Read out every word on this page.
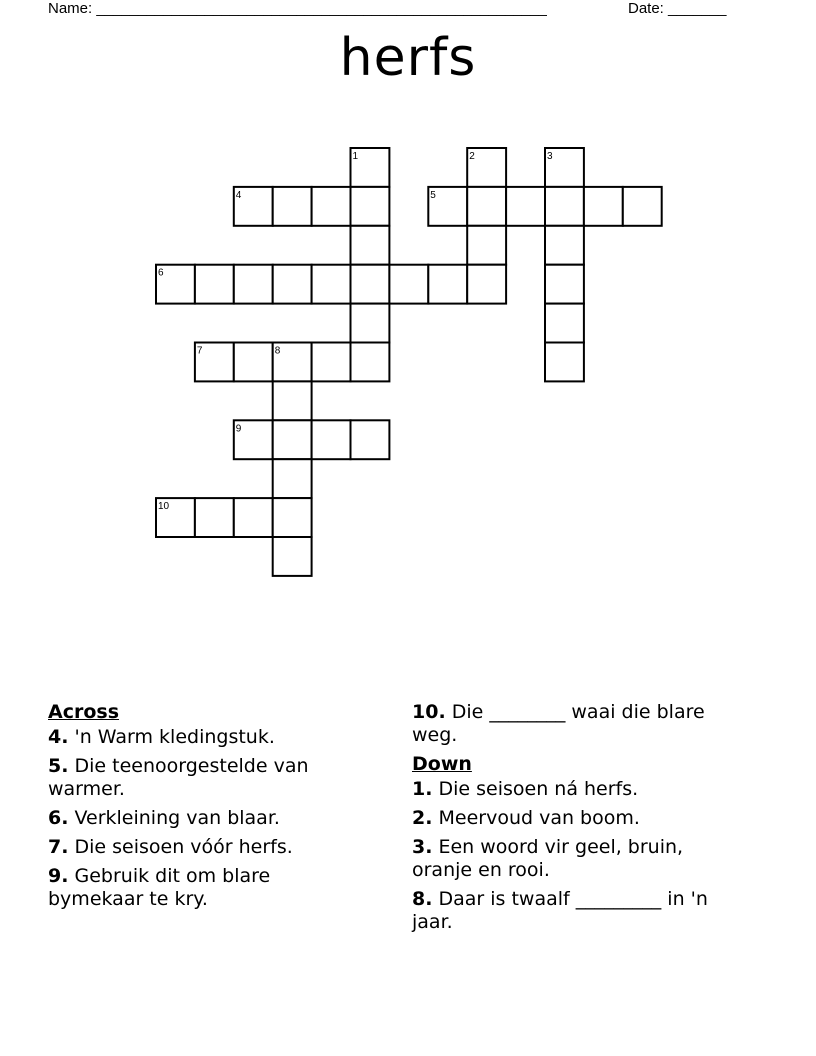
Name: ______________________________________________________	Date: _______
herfs
1	2	3
4	5
6
7	8
9
10
Across
4. 'n Warm kledingstuk.
5. Die teenoorgestelde van warmer.
6. Verkleining van blaar.
7. Die seisoen vóór herfs.
9. Gebruik dit om blare bymekaar te kry.
10. Die ________ waai die blare weg.
Down
1. Die seisoen ná herfs.
2. Meervoud van boom.
3. Een woord vir geel, bruin, oranje en rooi.
8. Daar is twaalf _________ in 'n jaar.
